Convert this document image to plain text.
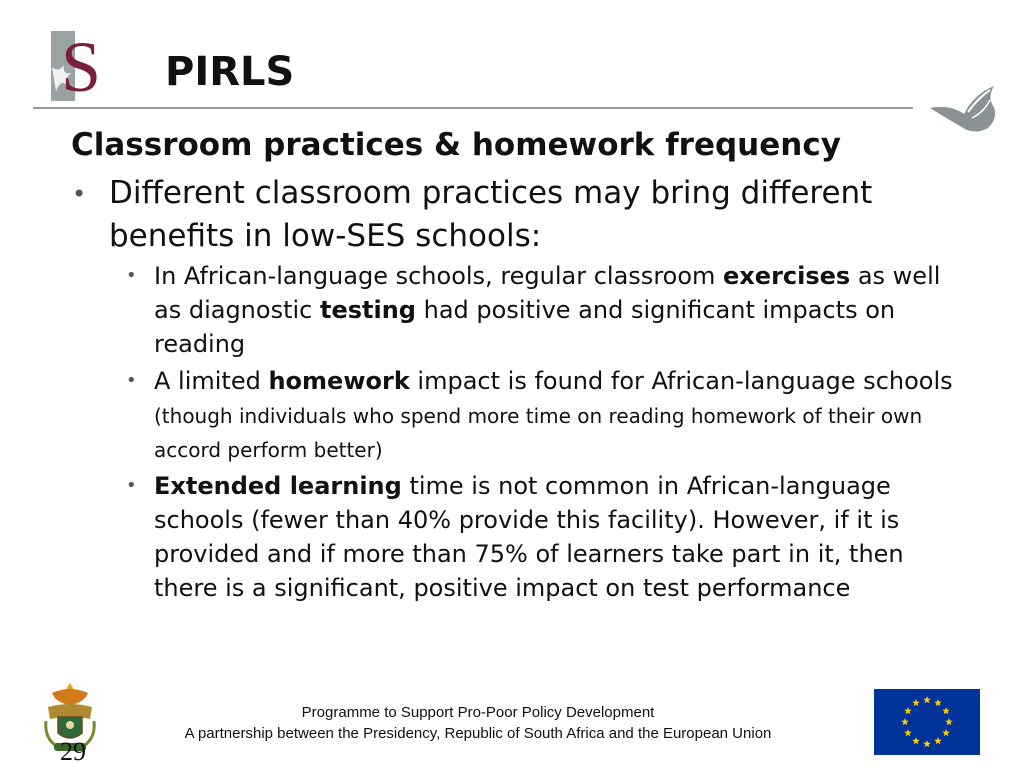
S PIRLS
Classroom practices & homework frequency
• Different classroom practices may bring different benefits in low-SES schools:
• In African-language schools, regular classroom exercises as well as diagnostic testing had positive and significant impacts on reading
• A limited homework impact is found for African-language schools (though individuals who spend more time on reading homework of their own accord perform better)
• Extended learning time is not common in African-language schools (fewer than 40% provide this facility). However, if it is provided and if more than 75% of learners take part in it, then there is a significant, positive impact on test performance
29
Programme to Support Pro-Poor Policy Development
A partnership between the Presidency, Republic of South Africa and the European Union
